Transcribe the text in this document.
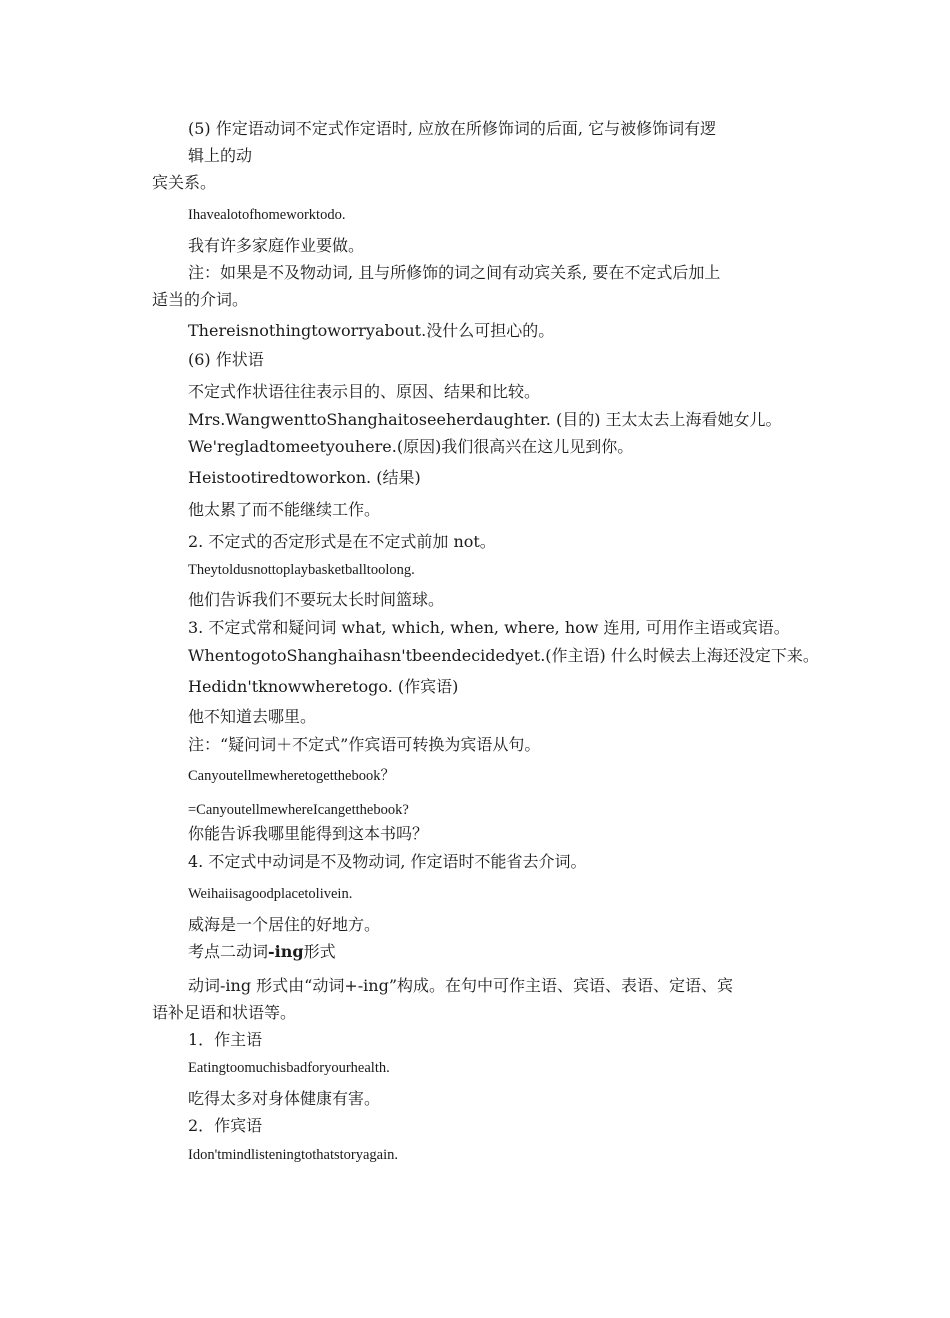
(5) 作定语动词不定式作定语时, 应放在所修饰词的后面, 它与被修饰词有逻
辑上的动
宾关系。
Ihavealotofhomeworktodo.
我有许多家庭作业要做。
注：如果是不及物动词, 且与所修饰的词之间有动宾关系, 要在不定式后加上
适当的介词。
Thereisnothingtoworryabout.没什么可担心的。
(6) 作状语
不定式作状语往往表示目的、原因、结果和比较。
Mrs.WangwenttoShanghaitoseeherdaughter. (目的) 王太太去上海看她女儿。
We'regladtomeetyouhere.(原因)我们很高兴在这儿见到你。
Heistootiredtoworkon. (结果)
他太累了而不能继续工作。
2. 不定式的否定形式是在不定式前加 not。
Theytoldusnottoplaybasketballtoolong.
他们告诉我们不要玩太长时间篮球。
3. 不定式常和疑问词 what, which, when, where, how 连用, 可用作主语或宾语。
WhentogotoShanghaihasn'tbeendecidedyet.(作主语) 什么时候去上海还没定下来。
Hedidn'tknowwheretogo. (作宾语)
他不知道去哪里。
注：“疑问词＋不定式”作宾语可转换为宾语从句。
Canyoutellmewheretogetthebook？
=CanyoutellmewhereIcangetthebook?
你能告诉我哪里能得到这本书吗？
4. 不定式中动词是不及物动词, 作定语时不能省去介词。
Weihaiisagoodplacetolivein.
威海是一个居住的好地方。
考点二动词-ing形式
动词-ing 形式由“动词+-ing”构成。在句中可作主语、宾语、表语、定语、宾
语补足语和状语等。
1．作主语
Eatingtoomuchisbadforyourhealth.
吃得太多对身体健康有害。
2．作宾语
Idon'tmindlisteningtothatstoryagain.
